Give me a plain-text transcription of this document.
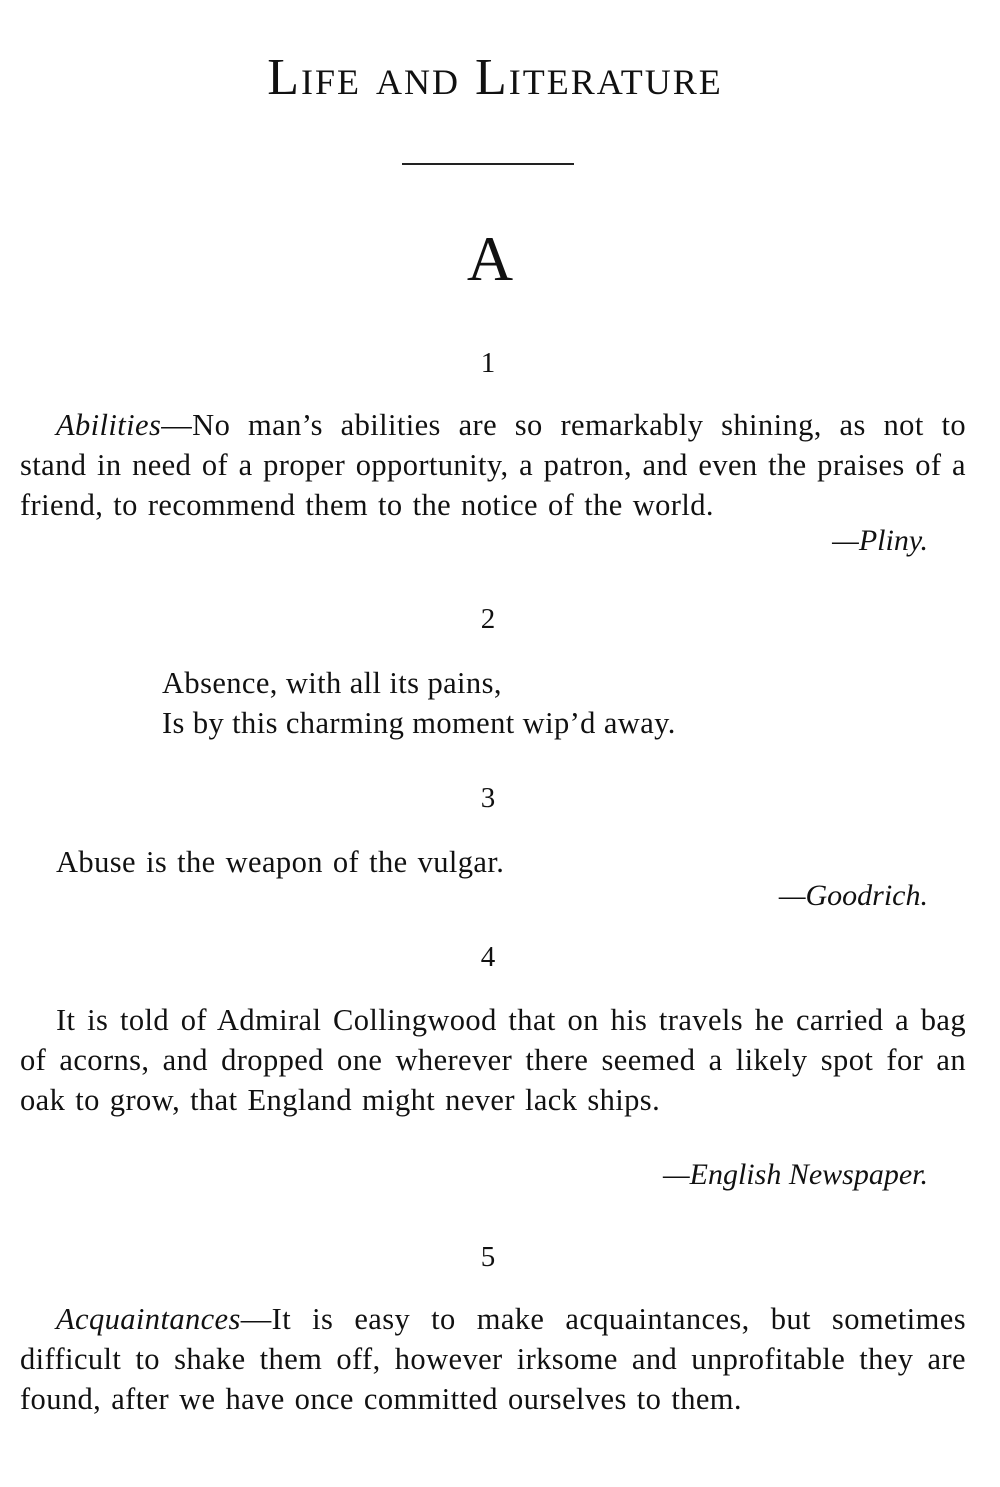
Life and Literature
A
1
Abilities—No man’s abilities are so remarkably shining, as not to stand in need of a proper opportunity, a patron, and even the praises of a friend, to recommend them to the notice of the world.
—Pliny.
2
Absence, with all its pains,
Is by this charming moment wip’d away.
3
Abuse is the weapon of the vulgar.
—Goodrich.
4
It is told of Admiral Collingwood that on his travels he carried a bag of acorns, and dropped one wherever there seemed a likely spot for an oak to grow, that England might never lack ships.
—English Newspaper.
5
Acquaintances—It is easy to make acquaintances, but sometimes difficult to shake them off, however irksome and unprofitable they are found, after we have once committed ourselves to them.
